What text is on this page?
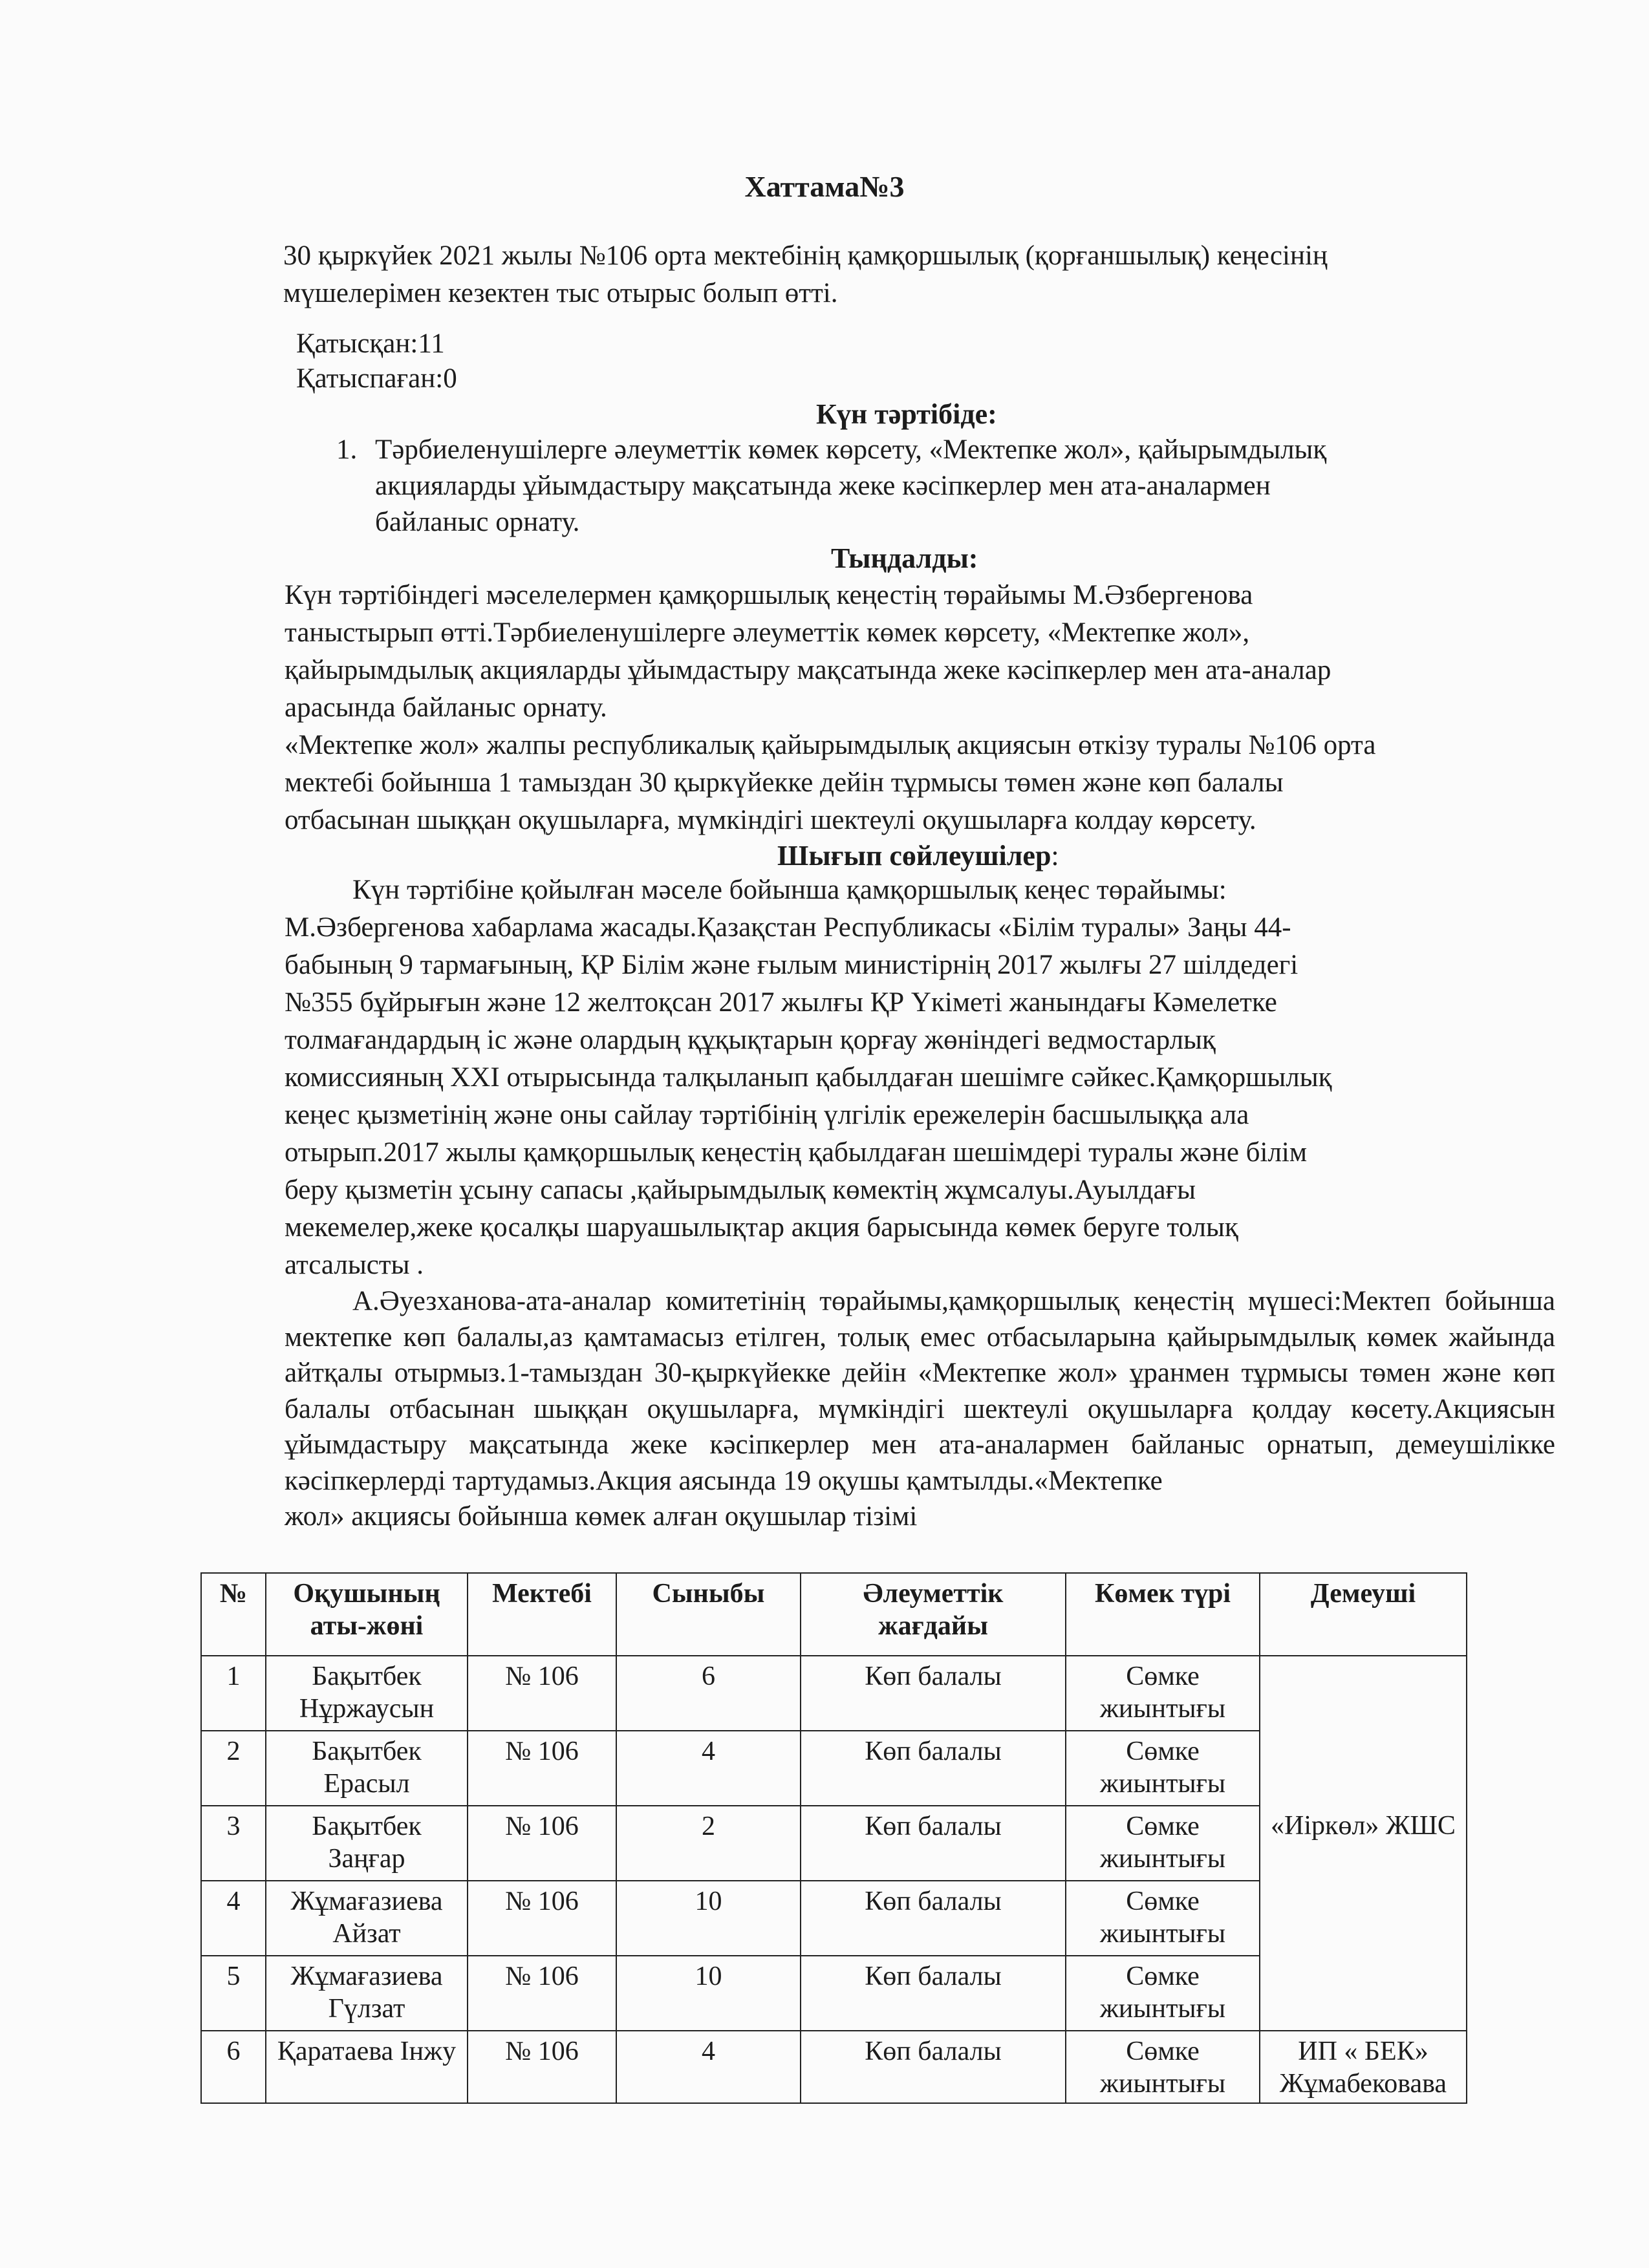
Хаттама№3
30 қыркүйек 2021 жылы №106 орта мектебінің қамқоршылық (қорғаншылық) кеңесінің
мүшелерімен кезектен тыс отырыс болып өтті.
Қатысқан:11
Қатыспаған:0
Күн тәртібіде:
1. Тәрбиеленушілерге әлеуметтік көмек көрсету, «Мектепке жол», қайырымдылық
акцияларды ұйымдастыру мақсатында жеке кәсіпкерлер мен ата-аналармен
байланыс орнату.
Тыңдалды:
Күн тәртібіндегі мәселелермен қамқоршылық кеңестің төрайымы М.Әзбергенова
таныстырып өтті.Тәрбиеленушілерге әлеуметтік көмек көрсету, «Мектепке жол»,
қайырымдылық акцияларды ұйымдастыру мақсатында жеке кәсіпкерлер мен ата-аналар
арасында байланыс орнату.
«Мектепке жол» жалпы республикалық қайырымдылық акциясын өткізу туралы №106 орта
мектебі бойынша 1 тамыздан 30 қыркүйекке дейін тұрмысы төмен және көп балалы
отбасынан шыққан оқушыларға, мүмкіндігі шектеулі оқушыларға колдау көрсету.
Шығып сөйлеушілер:
Күн тәртібіне қойылған мәселе бойынша қамқоршылық кеңес төрайымы:
М.Әзбергенова хабарлама жасады.Қазақстан Республикасы «Білім туралы» Заңы 44-
бабының 9 тармағының, ҚР Білім және ғылым министірнің 2017 жылғы 27 шілдедегі
№355 бұйрығын және 12 желтоқсан 2017 жылғы ҚР Үкіметі жанындағы Кәмелетке
толмағандардың іс және олардың құқықтарын қорғау жөніндегі ведмостарлық
комиссияның XXI отырысында талқыланып қабылдаған шешімге сәйкес.Қамқоршылық
кеңес қызметінің және оны сайлау тәртібінің үлгілік ережелерін басшылыққа ала
отырып.2017 жылы қамқоршылық кеңестің қабылдаған шешімдері туралы және білім
беру қызметін ұсыну сапасы ,қайырымдылық көмектің жұмсалуы.Ауылдағы
мекемелер,жеке қосалқы шаруашылықтар акция барысында көмек беруге толық
атсалысты .

А.Әуезханова-ата-аналар комитетінің төрайымы,қамқоршылық кеңестің мүшесі:Мектеп бойынша мектепке көп балалы,аз қамтамасыз етілген, толық емес отбасыларына қайырымдылық көмек жайында айтқалы отырмыз.1-тамыздан 30-қыркүйекке дейін «Мектепке жол» ұранмен тұрмысы төмен және көп балалы отбасынан шыққан оқушыларға, мүмкіндігі шектеулі оқушыларға қолдау көсету.Акциясын ұйымдастыру мақсатында жеке кәсіпкерлер мен ата-аналармен байланыс орнатып, демеушілікке кәсіпкерлерді тартудамыз.Акция аясында 19 оқушы қамтылды.«Мектепке

жол» акциясы бойынша көмек алған оқушылар тізімі

№	Оқушының аты-жөні	Мектебі	Сыныбы	Әлеуметтік жағдайы	Көмек түрі	Демеуші
1	Бақытбек Нұржаусын	№ 106	6	Көп балалы	Сөмке жиынтығы	«Иіркөл» ЖШС
2	Бақытбек Ерасыл	№ 106	4	Көп балалы	Сөмке жиынтығы	
3	Бақытбек Заңғар	№ 106	2	Көп балалы	Сөмке жиынтығы	
4	Жұмағазиева Айзат	№ 106	10	Көп балалы	Сөмке жиынтығы	
5	Жұмағазиева Гүлзат	№ 106	10	Көп балалы	Сөмке жиынтығы	
6	Қаратаева Інжу	№ 106	4	Көп балалы	Сөмке жиынтығы	ИП « БЕК» Жұмабековава
